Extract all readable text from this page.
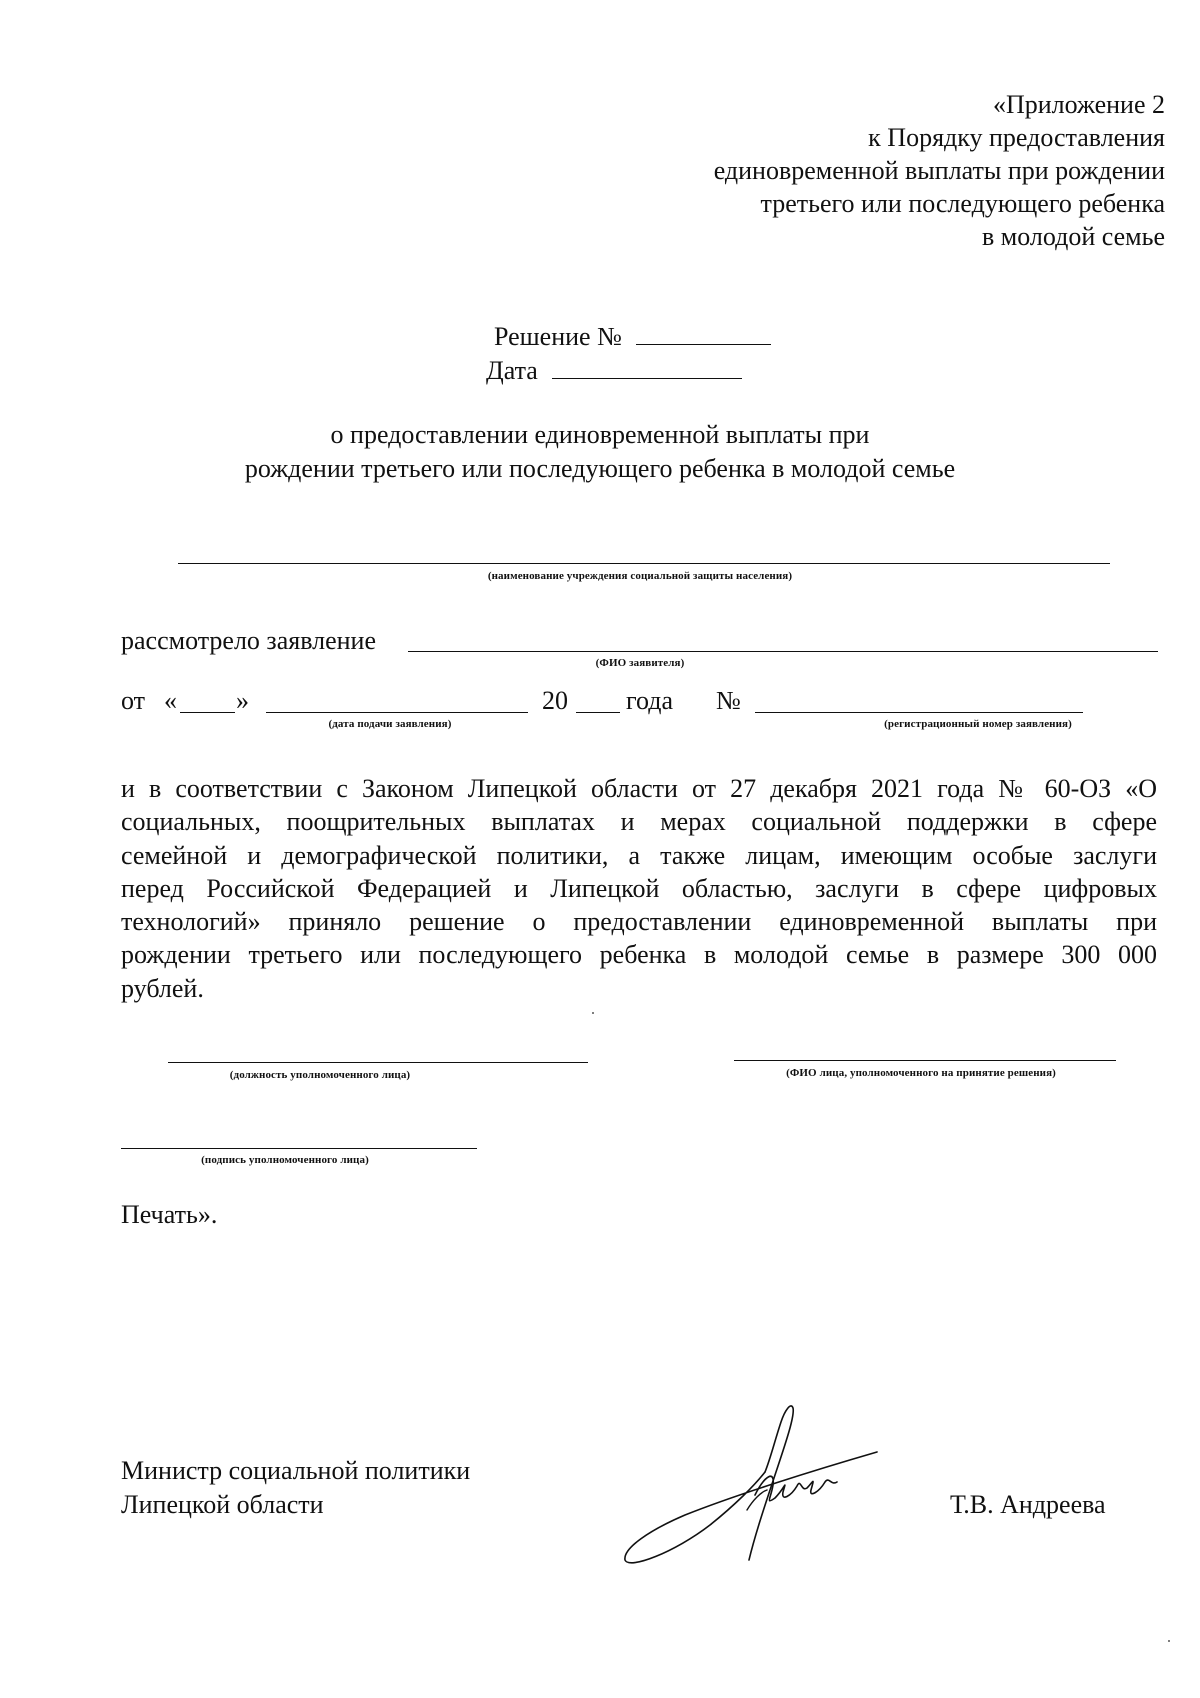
«Приложение 2
к Порядку предоставления
единовременной выплаты при рождении
третьего или последующего ребенка
в молодой семье
Решение №
Дата
о предоставлении единовременной выплаты при
рождении третьего или последующего ребенка в молодой семье
(наименование учреждения социальной защиты населения)
рассмотрело заявление
(ФИО заявителя)
от « »
(дата подачи заявления)
20 года №
(регистрационный номер заявления)
и в соответствии с Законом Липецкой области от 27 декабря 2021 года № 60-ОЗ «О
социальных, поощрительных выплатах и мерах социальной поддержки в сфере
семейной и демографической политики, а также лицам, имеющим особые заслуги
перед Российской Федерацией и Липецкой областью, заслуги в сфере цифровых
технологий» приняло решение о предоставлении единовременной выплаты при
рождении третьего или последующего ребенка в молодой семье в размере 300 000
рублей.
(должность уполномоченного лица)	(ФИО лица, уполномоченного на принятие решения)
(подпись уполномоченного лица)
Печать».
Министр социальной политики
Липецкой области	Т.В. Андреева
